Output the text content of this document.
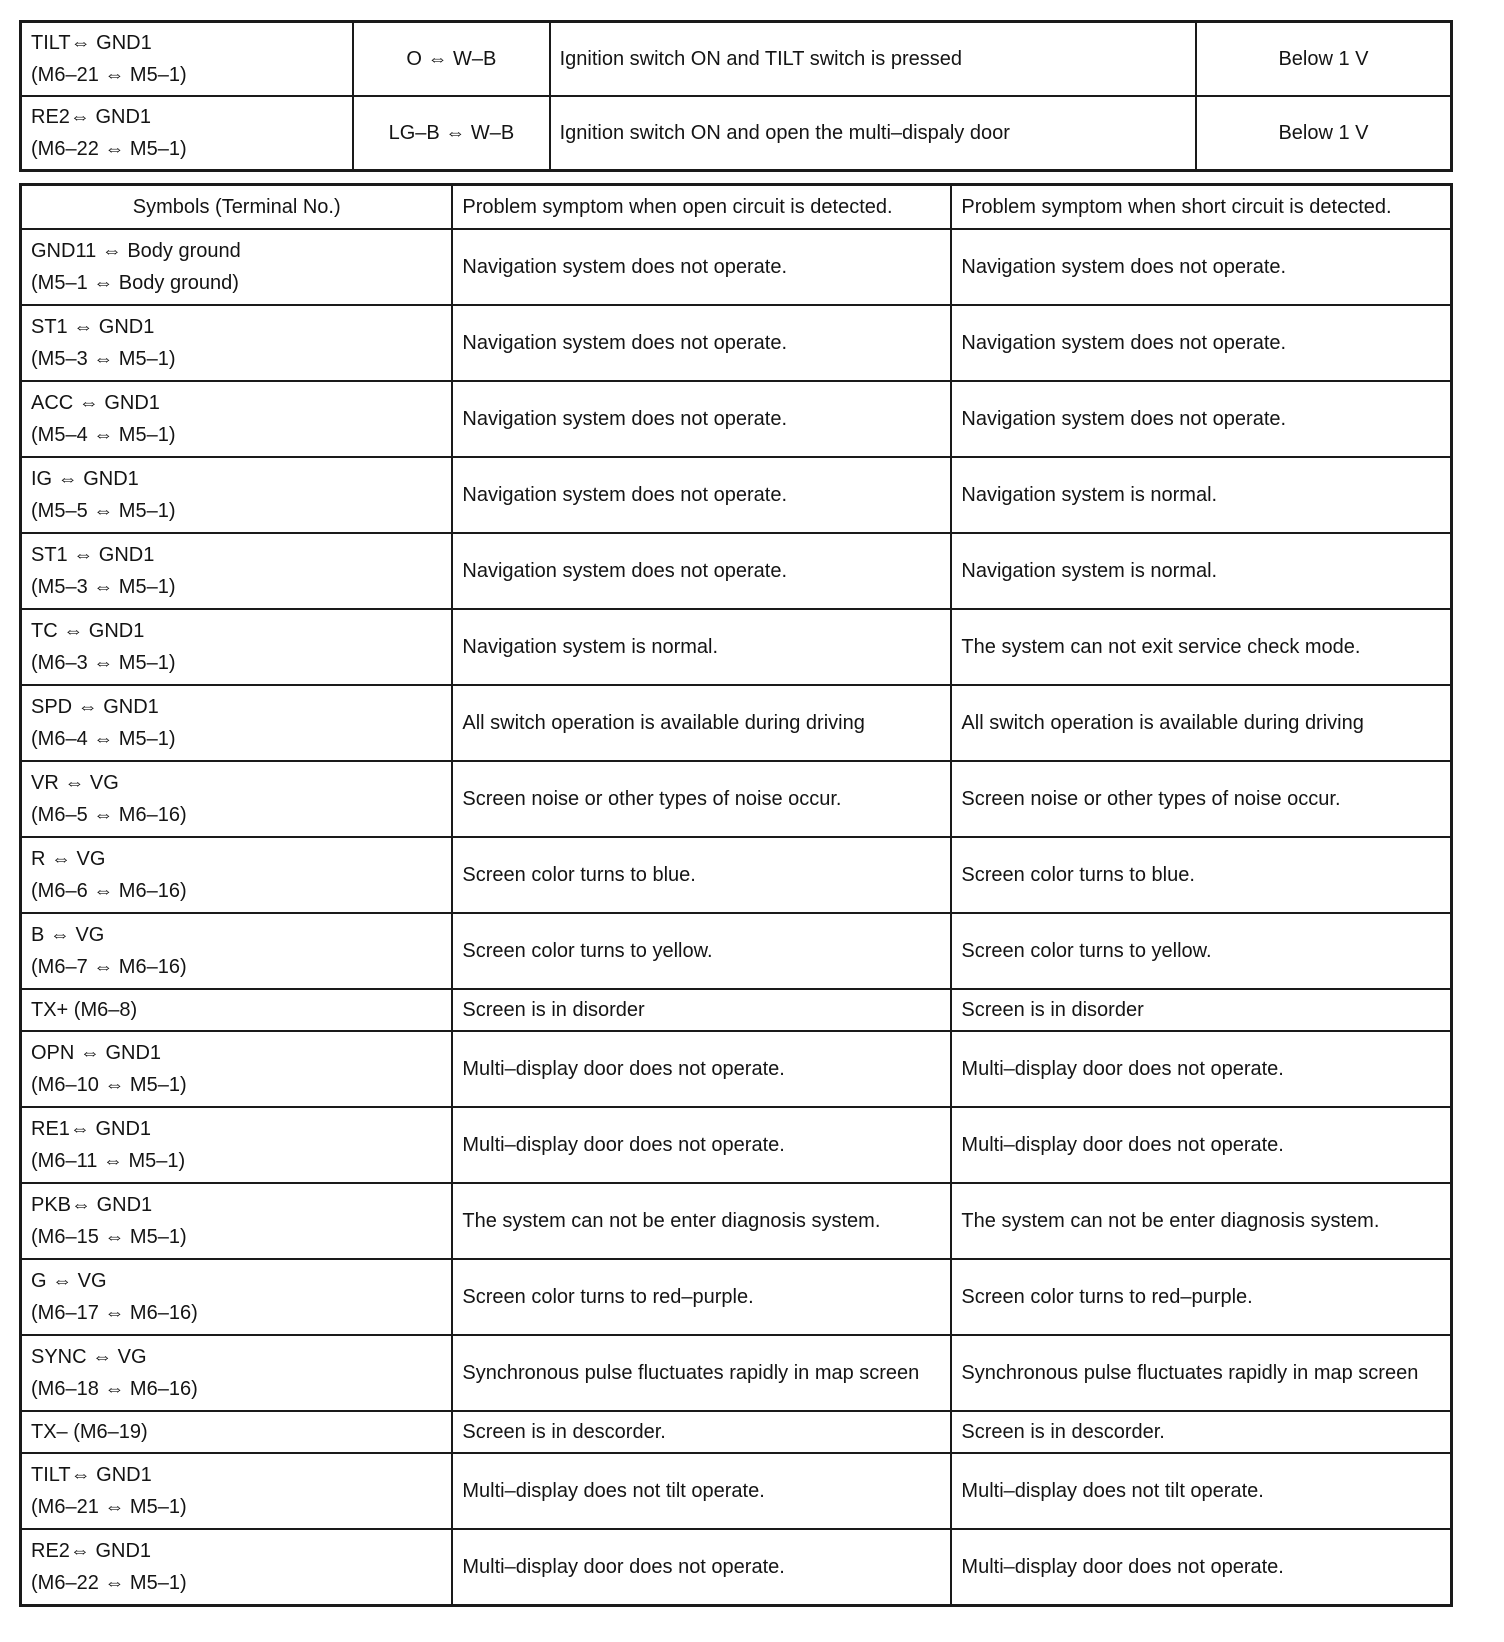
TILT⇔ GND1
(M6–21 ⇔ M5–1)	O ⇔ W–B	Ignition switch ON and TILT switch is pressed	Below 1 V

RE2⇔ GND1
(M6–22 ⇔ M5–1)	LG–B ⇔ W–B	Ignition switch ON and open the multi–dispaly door	Below 1 V
Symbols (Terminal No.)	Problem symptom when open circuit is detected.	Problem symptom when short circuit is detected.

GND11 ⇔ Body ground
(M5–1 ⇔ Body ground)	Navigation system does not operate.	Navigation system does not operate.

ST1 ⇔ GND1
(M5–3 ⇔ M5–1)	Navigation system does not operate.	Navigation system does not operate.

ACC ⇔ GND1
(M5–4 ⇔ M5–1)	Navigation system does not operate.	Navigation system does not operate.

IG ⇔ GND1
(M5–5 ⇔ M5–1)	Navigation system does not operate.	Navigation system is normal.

ST1 ⇔ GND1
(M5–3 ⇔ M5–1)	Navigation system does not operate.	Navigation system is normal.

TC ⇔ GND1
(M6–3 ⇔ M5–1)	Navigation system is normal.	The system can not exit service check mode.

SPD ⇔ GND1
(M6–4 ⇔ M5–1)	All switch operation is available during driving	All switch operation is available during driving

VR ⇔ VG
(M6–5 ⇔ M6–16)	Screen noise or other types of noise occur.	Screen noise or other types of noise occur.

R ⇔ VG
(M6–6 ⇔ M6–16)	Screen color turns to blue.	Screen color turns to blue.

B ⇔ VG
(M6–7 ⇔ M6–16)	Screen color turns to yellow.	Screen color turns to yellow.

TX+ (M6–8)	Screen is in disorder	Screen is in disorder

OPN ⇔ GND1
(M6–10 ⇔ M5–1)	Multi–display door does not operate.	Multi–display door does not operate.

RE1⇔ GND1
(M6–11 ⇔ M5–1)	Multi–display door does not operate.	Multi–display door does not operate.

PKB⇔ GND1
(M6–15 ⇔ M5–1)	The system can not be enter diagnosis system.	The system can not be enter diagnosis system.

G ⇔ VG
(M6–17 ⇔ M6–16)	Screen color turns to red–purple.	Screen color turns to red–purple.

SYNC ⇔ VG
(M6–18 ⇔ M6–16)	Synchronous pulse fluctuates rapidly in map screen	Synchronous pulse fluctuates rapidly in map screen

TX– (M6–19)	Screen is in descorder.	Screen is in descorder.

TILT⇔ GND1
(M6–21 ⇔ M5–1)	Multi–display does not tilt operate.	Multi–display does not tilt operate.

RE2⇔ GND1
(M6–22 ⇔ M5–1)	Multi–display door does not operate.	Multi–display door does not operate.
